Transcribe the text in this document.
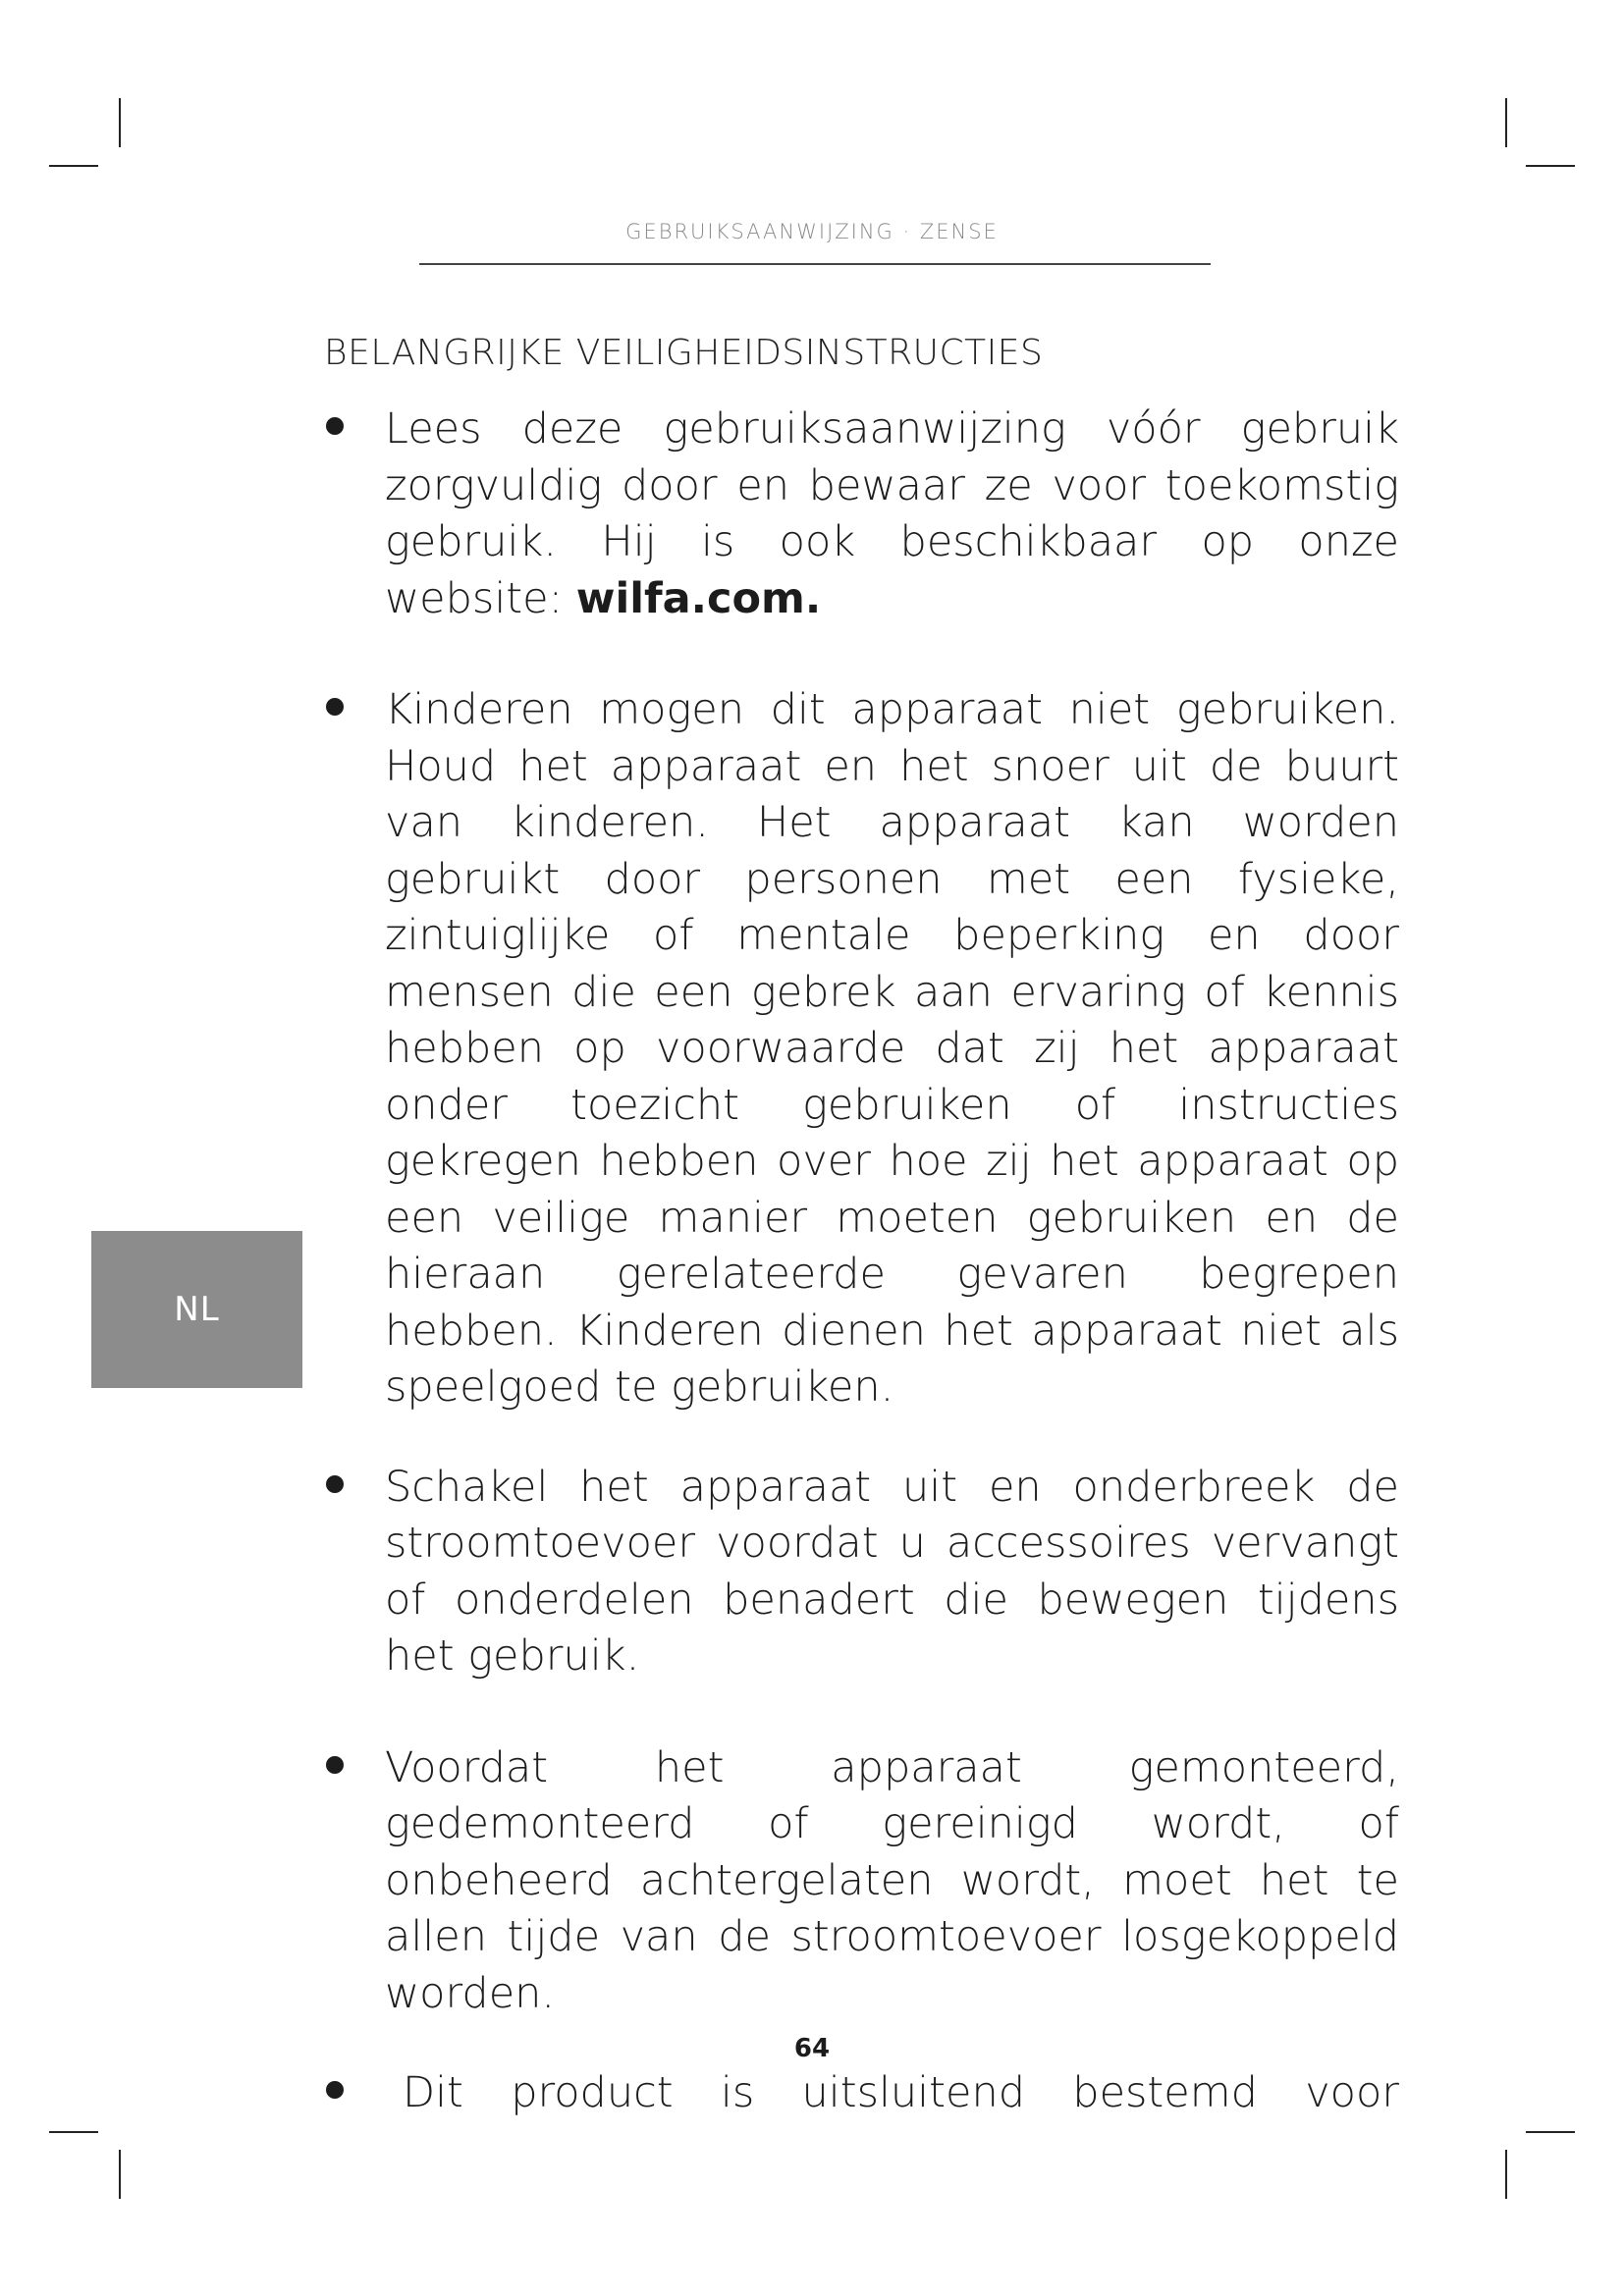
GEBRUIKSAANWIJZING · ZENSE
BELANGRIJKE VEILIGHEIDSINSTRUCTIES
Lees deze gebruiksaanwijzing vóór gebruik zorgvuldig door en bewaar ze voor toekomstig gebruik. Hij is ook beschikbaar op onze website: wilfa.com.
Kinderen mogen dit apparaat niet gebruiken. Houd het apparaat en het snoer uit de buurt van kinderen. Het apparaat kan worden gebruikt door personen met een fysieke, zintuiglijke of mentale beperking en door mensen die een gebrek aan ervaring of kennis hebben op voorwaarde dat zij het apparaat onder toezicht gebruiken of instructies gekregen hebben over hoe zij het apparaat op een veilige manier moeten gebruiken en de hieraan gerelateerde gevaren begrepen hebben. Kinderen dienen het apparaat niet als speelgoed te gebruiken.
Schakel het apparaat uit en onderbreek de stroomtoevoer voordat u accessoires vervangt of onderdelen benadert die bewegen tijdens het gebruik.
Voordat het apparaat gemonteerd, gedemonteerd of gereinigd wordt, of onbeheerd achtergelaten wordt, moet het te allen tijde van de stroomtoevoer losgekoppeld worden.
Dit product is uitsluitend bestemd voor
NL
64
